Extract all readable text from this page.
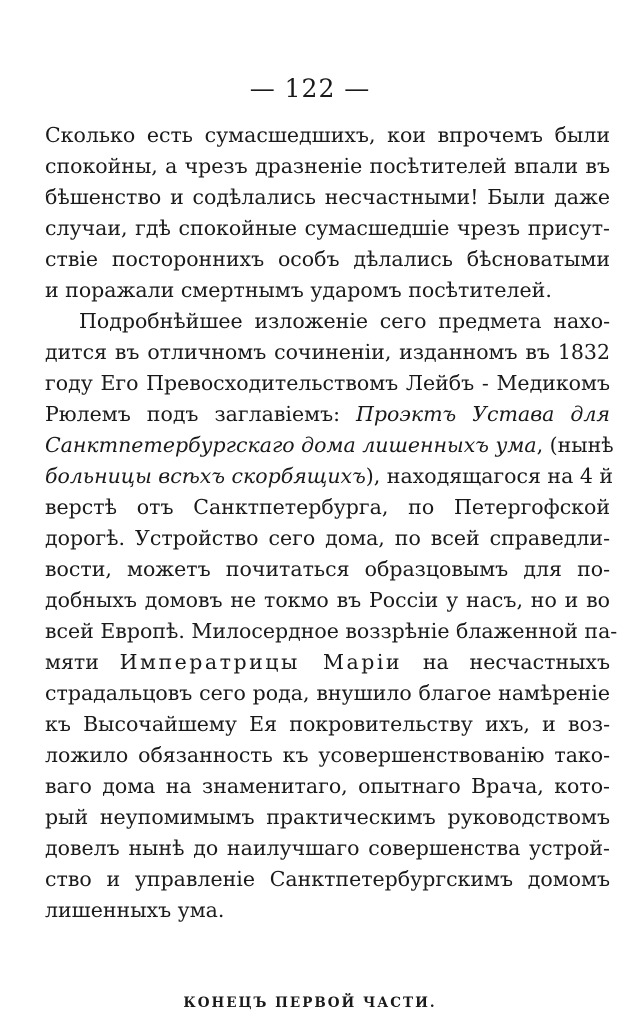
— 122 —
Сколько есть сумасшедшихъ, кои впрочемъ были
спокойны, а чрезъ дразненіе посѣтителей впали въ
бѣшенство и содѣлались несчастными! Были даже
случаи, гдѣ спокойные сумасшедшіе чрезъ присут-
ствіе постороннихъ особъ дѣлались бѣсноватыми
и поражали смертнымъ ударомъ посѣтителей.
Подробнѣйшее изложеніе сего предмета нахо-
дится въ отличномъ сочиненіи, изданномъ въ 1832
году Его Превосходительствомъ Лейбъ - Медикомъ
Рюлемъ подъ заглавіемъ: Проэктъ Устава для
Санктпетербургскаго дома лишенныхъ ума, (нынѣ
больницы всѣхъ скорбящихъ), находящагося на 4 й
верстѣ отъ Санктпетербурга, по Петергофской
дорогѣ. Устройство сего дома, по всей справедли-
вости, можетъ почитаться образцовымъ для по-
добныхъ домовъ не токмо въ Россіи у насъ, но и во
всей Европѣ. Милосердное воззрѣніе блаженной па-
мяти Императрицы Маріи на несчастныхъ
страдальцовъ сего рода, внушило благое намѣреніе
къ Высочайшему Ея покровительству ихъ, и воз-
ложило обязанность къ усовершенствованію тако-
ваго дома на знаменитаго, опытнаго Врача, кото-
рый неупомимымъ практическимъ руководствомъ
довелъ нынѣ до наилучшаго совершенства устрой-
ство и управленіе Санктпетербургскимъ домомъ
лишенныхъ ума.
КОНЕЦЪ ПЕРВОЙ ЧАСТИ.
